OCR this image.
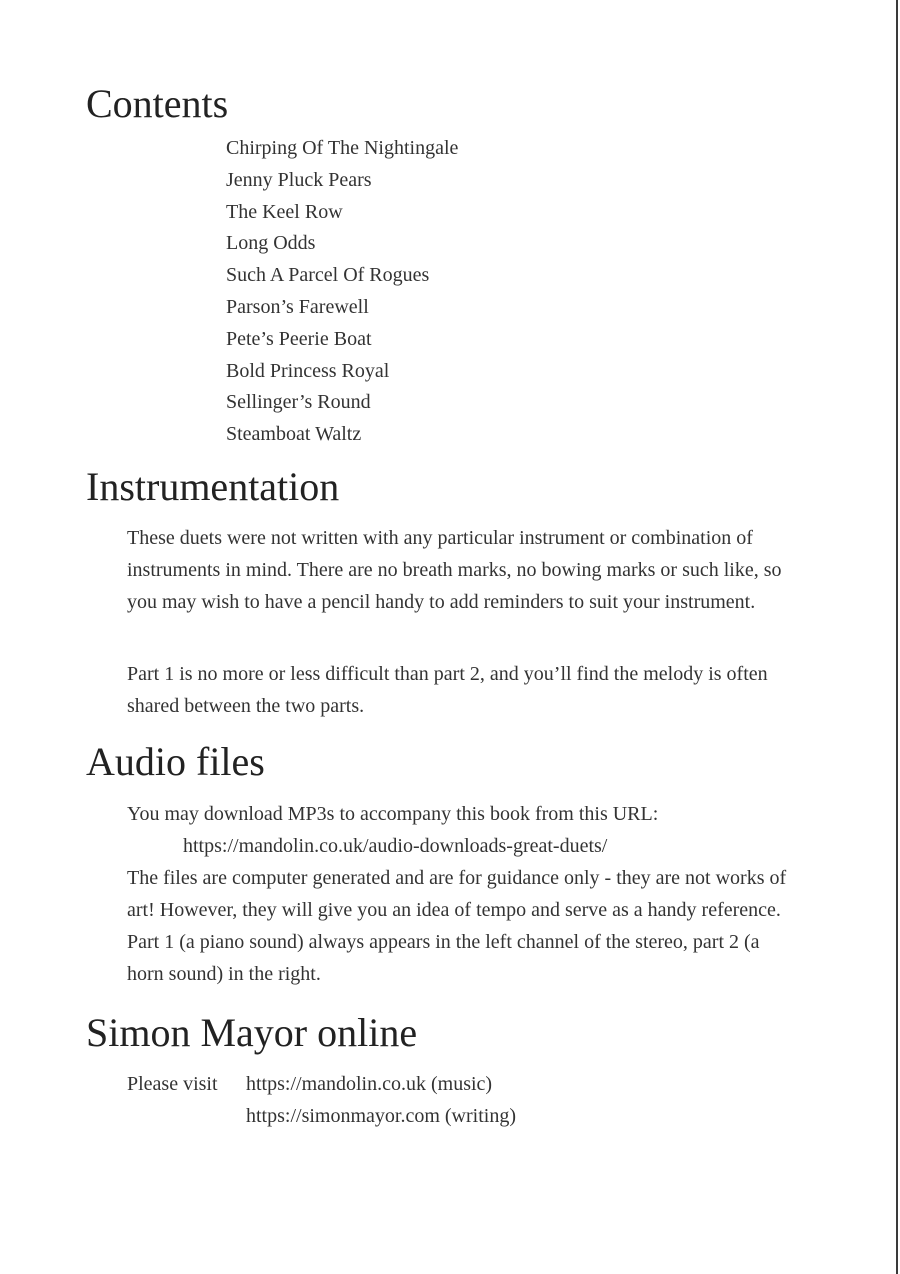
Contents
Chirping Of The Nightingale
Jenny Pluck Pears
The Keel Row
Long Odds
Such A Parcel Of Rogues
Parson’s Farewell
Pete’s Peerie Boat
Bold Princess Royal
Sellinger’s Round
Steamboat Waltz
Instrumentation

These duets were not written with any particular instrument or combination of instruments in mind. There are no breath marks, no bowing marks or such like, so you may wish to have a pencil handy to add reminders to suit your instrument.

Part 1 is no more or less difficult than part 2, and you’ll find the melody is often shared between the two parts.

Audio files

You may download MP3s to accompany this book from this URL:

https://mandolin.co.uk/audio-downloads-great-duets/

The files are computer generated and are for guidance only - they are not works of art! However, they will give you an idea of tempo and serve as a handy reference. Part 1 (a piano sound) always appears in the left channel of the stereo, part 2 (a horn sound) in the right.

Simon Mayor online
Please visit https://mandolin.co.uk (music)
https://simonmayor.com (writing)
